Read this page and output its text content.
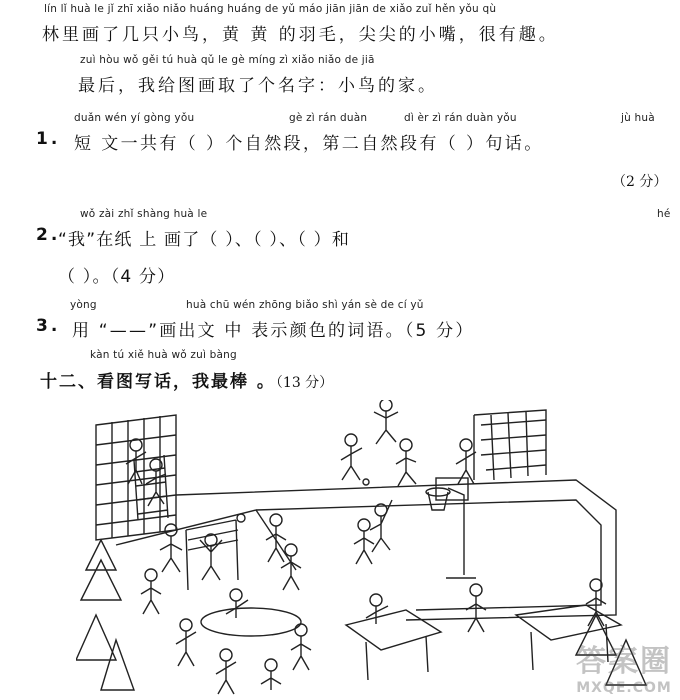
lín lǐ huà le jǐ zhī xiǎo niǎo huáng huáng de yǔ máo jiān jiān de xiǎo zuǐ hěn yǒu qù
林里画了几只小鸟，黄 黄 的羽毛，尖尖的小嘴，很有趣。
zuì hòu wǒ gěi tú huà qǔ le gè míng zì xiǎo niǎo de jiā
最后，我给图画取了个名字：小鸟的家。
duǎn wén yí gòng yǒu	gè zì rán duàn	dì èr zì rán duàn yǒu	jù huà
1. 短 文一共有（ ）个自然段，第二自然段有（ ）句话。
（2 分）
wǒ zài zhǐ shàng huà le	hé
2.
“我”在纸 上 画了（ ）、（ ）、（ ）和
（ ）。（4 分）
yòng	huà chū wén zhōng biǎo shì yán sè de cí yǔ
3. 用 “——”画出文 中 表示颜色的词语。（5 分）
kàn tú xiě huà wǒ zuì bàng
十二、看图写话，我最棒 。（13 分）
答案圈
MXQE.COM
